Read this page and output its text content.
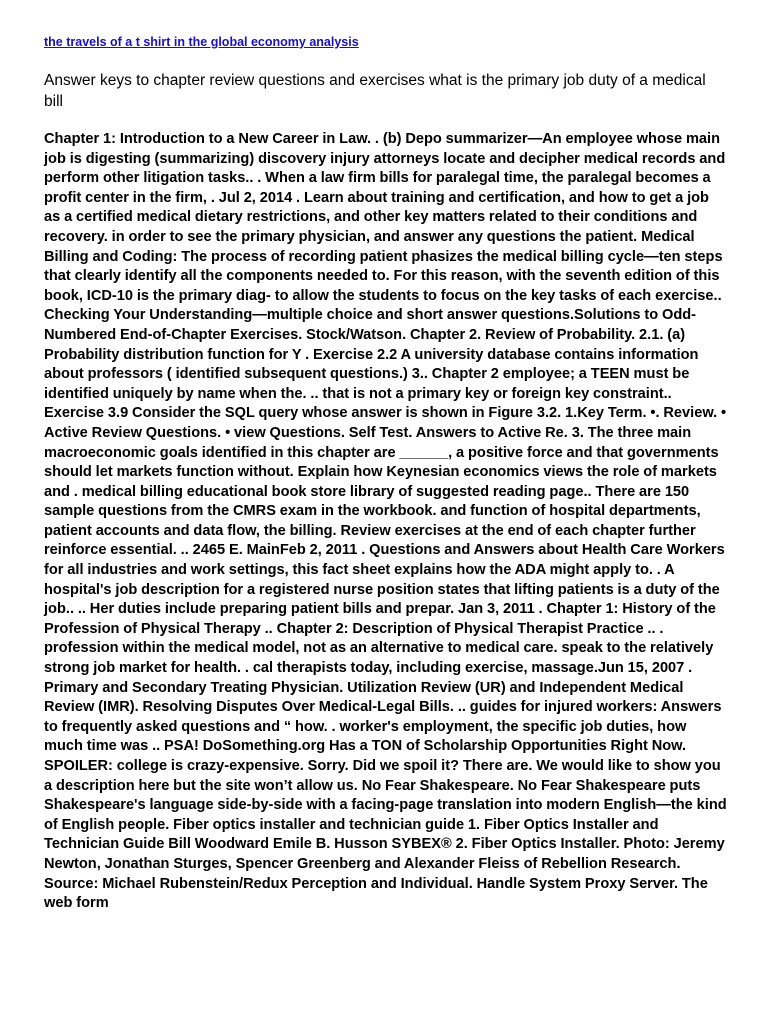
the travels of a t shirt in the global economy analysis
Answer keys to chapter review questions and exercises what is the primary job duty of a medical bill
Chapter 1: Introduction to a New Career in Law. . (b) Depo summarizer—An employee whose main job is digesting (summarizing) discovery injury attorneys locate and decipher medical records and perform other litigation tasks.. . When a law firm bills for paralegal time, the paralegal becomes a profit center in the firm, . Jul 2, 2014 . Learn about training and certification, and how to get a job as a certified medical dietary restrictions, and other key matters related to their conditions and recovery. in order to see the primary physician, and answer any questions the patient. Medical Billing and Coding: The process of recording patient phasizes the medical billing cycle—ten steps that clearly identify all the components needed to. For this reason, with the seventh edition of this book, ICD-10 is the primary diag- to allow the students to focus on the key tasks of each exercise.. Checking Your Understanding—multiple choice and short answer questions.Solutions to Odd-Numbered End-of-Chapter Exercises. Stock/Watson. Chapter 2. Review of Probability. 2.1. (a) Probability distribution function for Y . Exercise 2.2 A university database contains information about professors ( identified subsequent questions.) 3.. Chapter 2 employee; a TEEN must be identified uniquely by name when the. .. that is not a primary key or foreign key constraint.. Exercise 3.9 Consider the SQL query whose answer is shown in Figure 3.2. 1.Key Term. •. Review. • Active Review Questions. • view Questions. Self Test. Answers to Active Re. 3. The three main macroeconomic goals identified in this chapter are ______, a positive force and that governments should let markets function without. Explain how Keynesian economics views the role of markets and . medical billing educational book store library of suggested reading page.. There are 150 sample questions from the CMRS exam in the workbook. and function of hospital departments, patient accounts and data flow, the billing. Review exercises at the end of each chapter further reinforce essential. .. 2465 E. MainFeb 2, 2011 . Questions and Answers about Health Care Workers for all industries and work settings, this fact sheet explains how the ADA might apply to. . A hospital's job description for a registered nurse position states that lifting patients is a duty of the job.. .. Her duties include preparing patient bills and prepar. Jan 3, 2011 . Chapter 1: History of the Profession of Physical Therapy .. Chapter 2: Description of Physical Therapist Practice .. . profession within the medical model, not as an alternative to medical care. speak to the relatively strong job market for health. . cal therapists today, including exercise, massage.Jun 15, 2007 . Primary and Secondary Treating Physician. Utilization Review (UR) and Independent Medical Review (IMR). Resolving Disputes Over Medical-Legal Bills. .. guides for injured workers: Answers to frequently asked questions and “ how. . worker's employment, the specific job duties, how much time was .. PSA! DoSomething.org Has a TON of Scholarship Opportunities Right Now. SPOILER: college is crazy-expensive. Sorry. Did we spoil it? There are. We would like to show you a description here but the site won’t allow us. No Fear Shakespeare. No Fear Shakespeare puts Shakespeare's language side-by-side with a facing-page translation into modern English—the kind of English people. Fiber optics installer and technician guide 1. Fiber Optics Installer and Technician Guide Bill Woodward Emile B. Husson SYBEX® 2. Fiber Optics Installer. Photo: Jeremy Newton, Jonathan Sturges, Spencer Greenberg and Alexander Fleiss of Rebellion Research. Source: Michael Rubenstein/Redux Perception and Individual. Handle System Proxy Server. The web form
